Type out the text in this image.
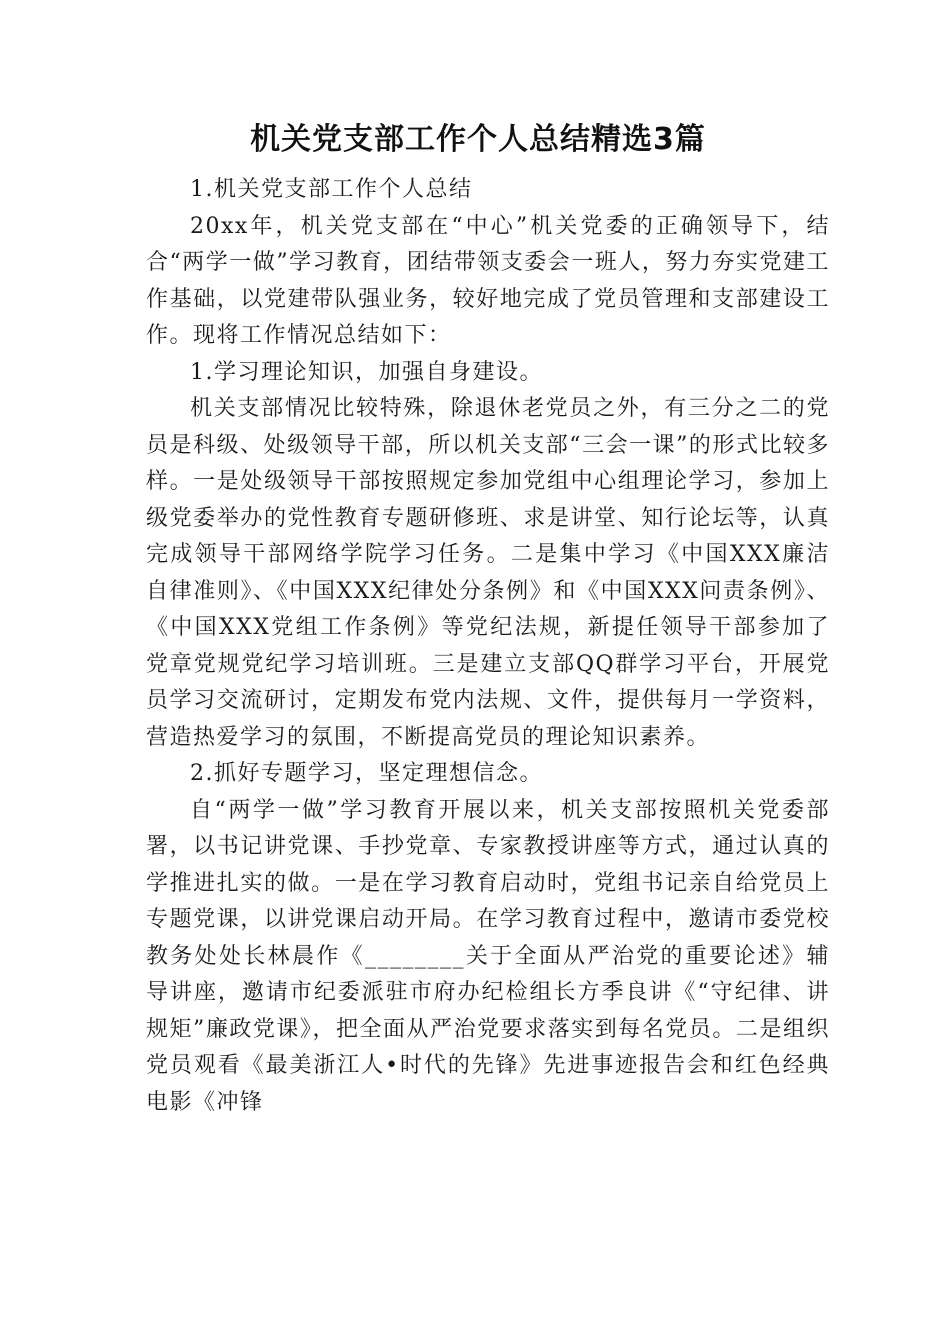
机关党支部工作个人总结精选3篇

1.机关党支部工作个人总结

20xx年，机关党支部在“中心”机关党委的正确领导下，结合“两学一做”学习教育，团结带领支委会一班人，努力夯实党建工作基础，以党建带队强业务，较好地完成了党员管理和支部建设工作。现将工作情况总结如下：

1.学习理论知识，加强自身建设。

机关支部情况比较特殊，除退休老党员之外，有三分之二的党员是科级、处级领导干部，所以机关支部“三会一课”的形式比较多样。一是处级领导干部按照规定参加党组中心组理论学习，参加上级党委举办的党性教育专题研修班、求是讲堂、知行论坛等，认真完成领导干部网络学院学习任务。二是集中学习《中国XXX廉洁自律准则》、《中国XXX纪律处分条例》和《中国XXX问责条例》、《中国XXX党组工作条例》等党纪法规，新提任领导干部参加了党章党规党纪学习培训班。三是建立支部QQ群学习平台，开展党员学习交流研讨，定期发布党内法规、文件，提供每月一学资料，营造热爱学习的氛围，不断提高党员的理论知识素养。

2.抓好专题学习，坚定理想信念。

自“两学一做”学习教育开展以来，机关支部按照机关党委部署，以书记讲党课、手抄党章、专家教授讲座等方式，通过认真的学推进扎实的做。一是在学习教育启动时，党组书记亲自给党员上专题党课，以讲党课启动开局。在学习教育过程中，邀请市委党校教务处处长林晨作《________关于全面从严治党的重要论述》辅导讲座，邀请市纪委派驻市府办纪检组长方季良讲《“守纪律、讲规矩”廉政党课》，把全面从严治党要求落实到每名党员。二是组织党员观看《最美浙江人•时代的先锋》先进事迹报告会和红色经典电影《冲锋
